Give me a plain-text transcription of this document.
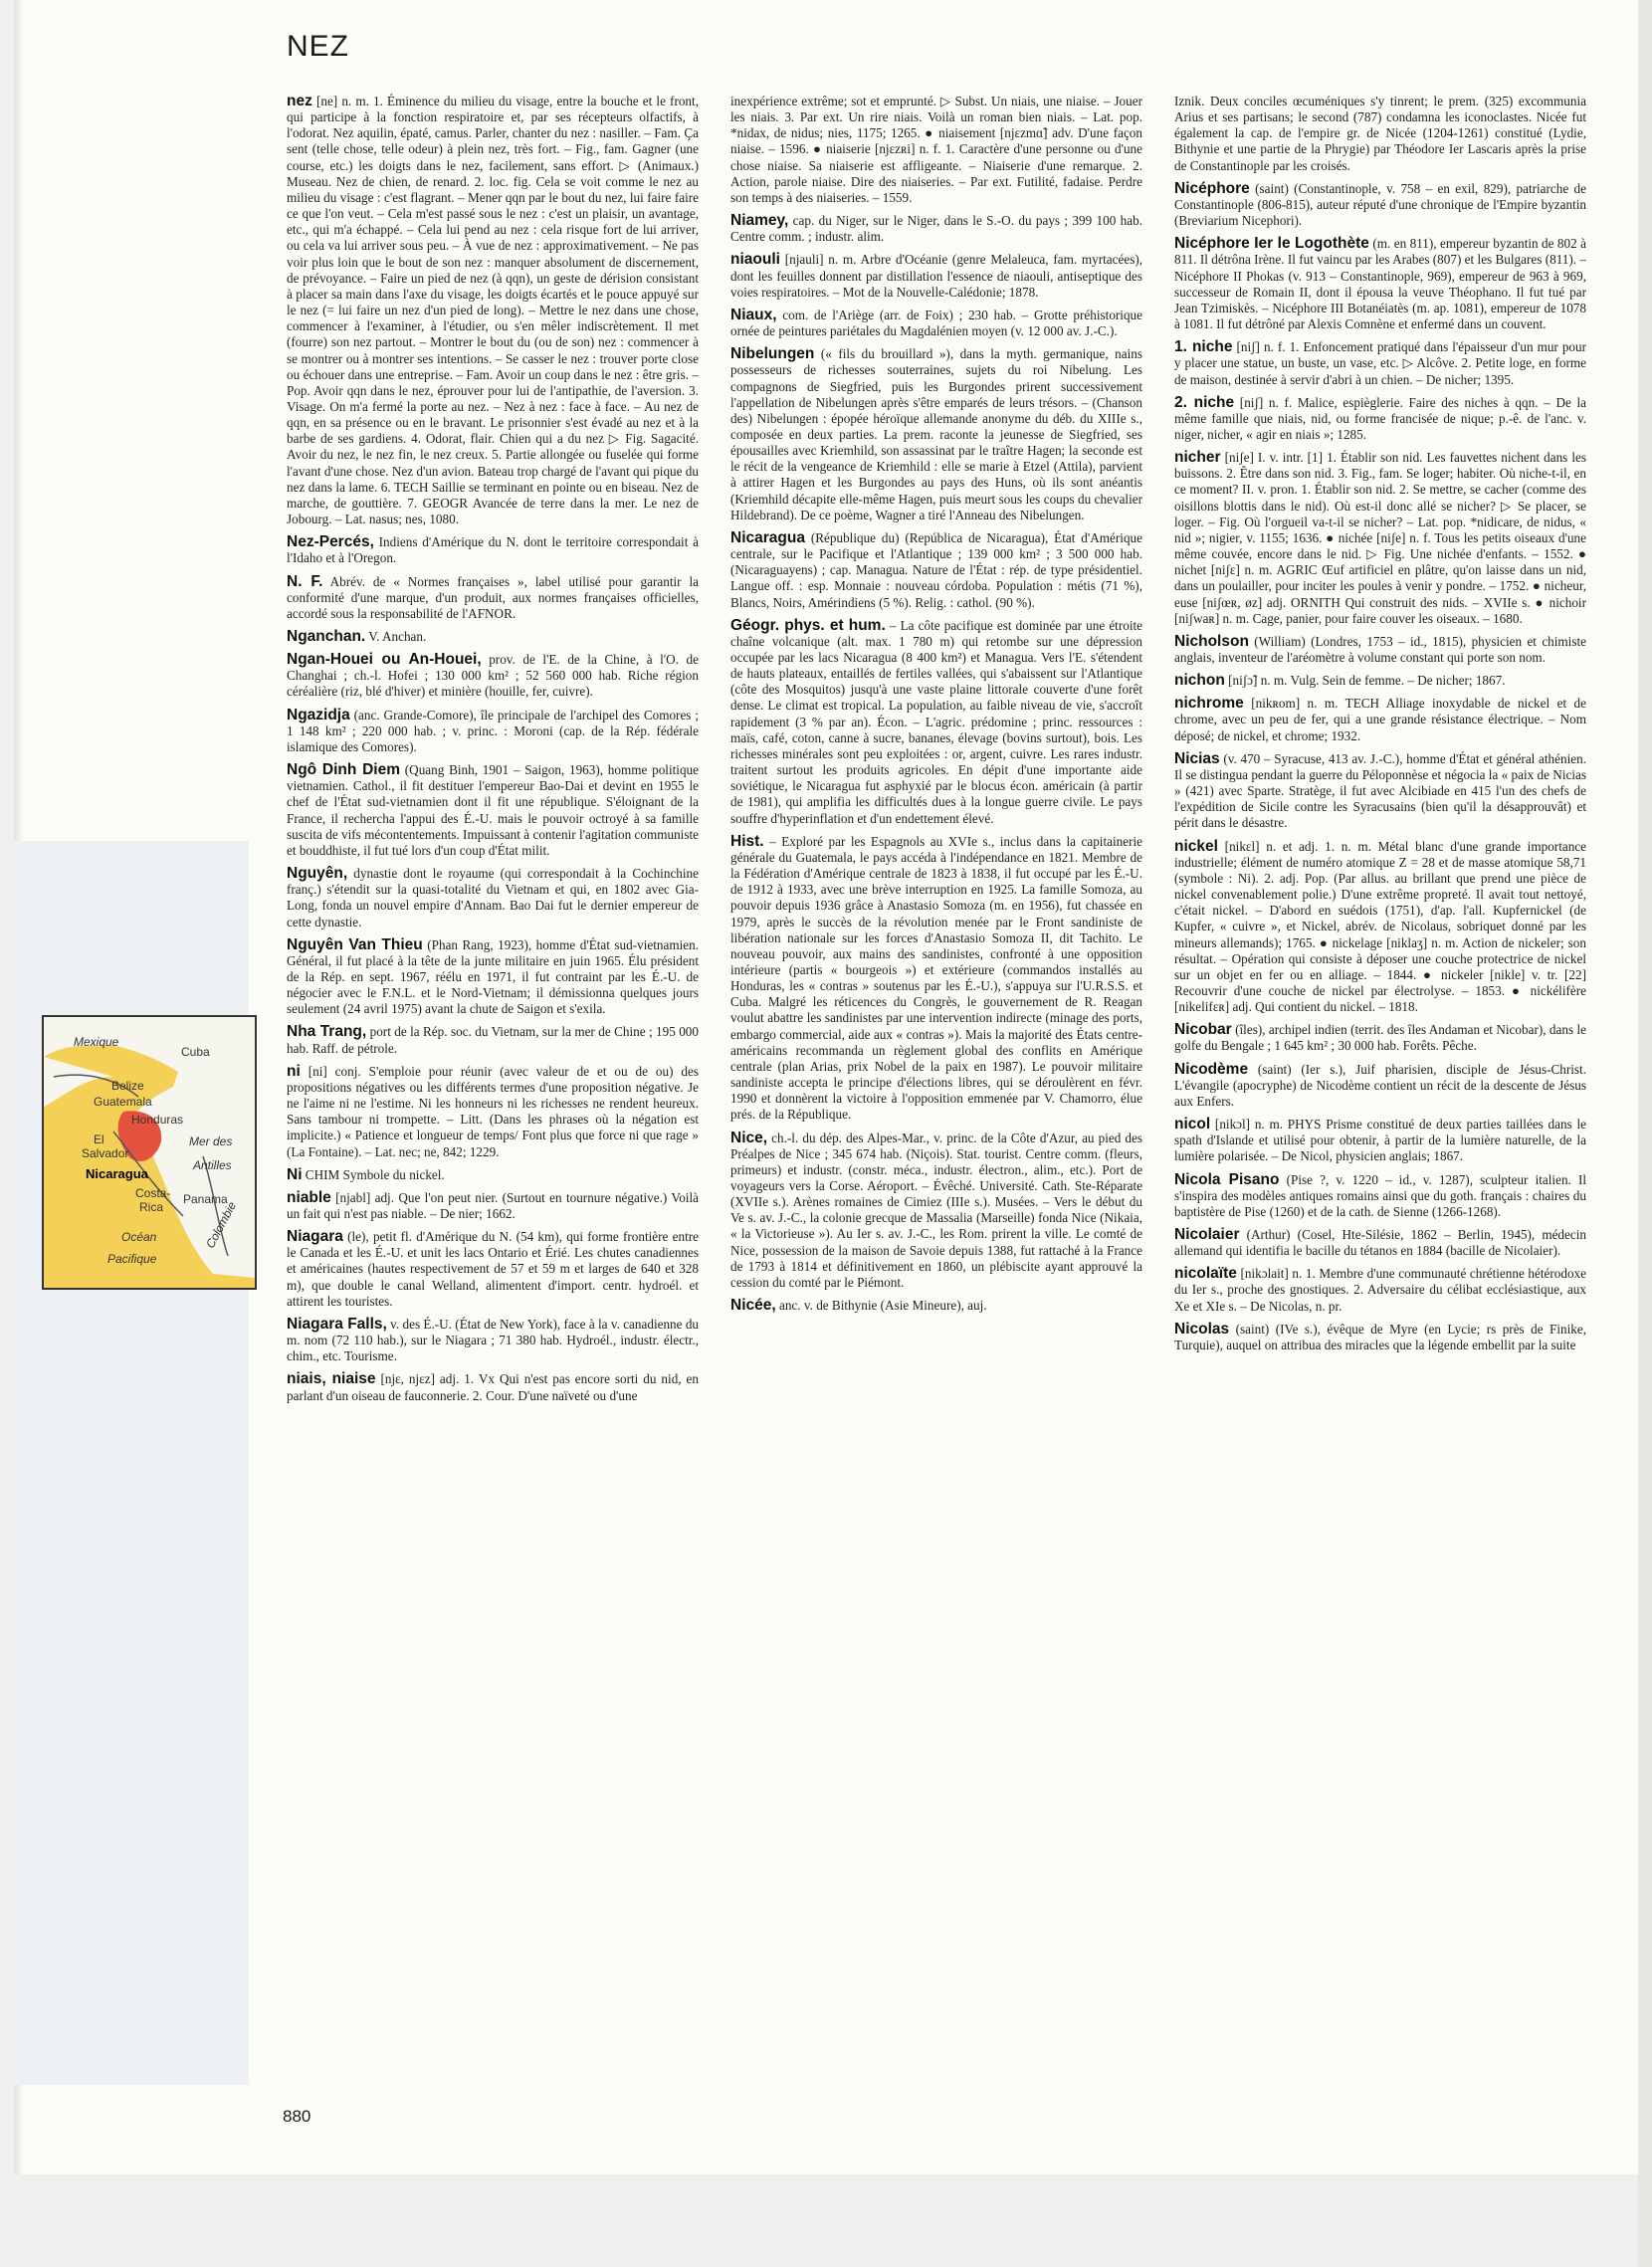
NEZ

nez [ne] n. m. 1. Éminence du milieu du visage, entre la bouche et le front, qui participe à la fonction respiratoire et, par ses récepteurs olfactifs, à l'odorat. Nez aquilin, épaté, camus. Parler, chanter du nez : nasiller. – Fam. Ça sent (telle chose, telle odeur) à plein nez, très fort. – Fig., fam. Gagner (une course, etc.) les doigts dans le nez, facilement, sans effort. ▷ (Animaux.) Museau. Nez de chien, de renard. 2. loc. fig. Cela se voit comme le nez au milieu du visage : c'est flagrant. – Mener qqn par le bout du nez, lui faire faire ce que l'on veut. – Cela m'est passé sous le nez : c'est un plaisir, un avantage, etc., qui m'a échappé. – Cela lui pend au nez : cela risque fort de lui arriver, ou cela va lui arriver sous peu. – À vue de nez : approximativement. – Ne pas voir plus loin que le bout de son nez : manquer absolument de discernement, de prévoyance. – Faire un pied de nez (à qqn), un geste de dérision consistant à placer sa main dans l'axe du visage, les doigts écartés et le pouce appuyé sur le nez (= lui faire un nez d'un pied de long). – Mettre le nez dans une chose, commencer à l'examiner, à l'étudier, ou s'en mêler indiscrètement. Il met (fourre) son nez partout. – Montrer le bout du (ou de son) nez : commencer à se montrer ou à montrer ses intentions. – Se casser le nez : trouver porte close ou échouer dans une entreprise. – Fam. Avoir un coup dans le nez : être gris. – Pop. Avoir qqn dans le nez, éprouver pour lui de l'antipathie, de l'aversion. 3. Visage. On m'a fermé la porte au nez. – Nez à nez : face à face. – Au nez de qqn, en sa présence ou en le bravant. Le prisonnier s'est évadé au nez et à la barbe de ses gardiens. 4. Odorat, flair. Chien qui a du nez ▷ Fig. Sagacité. Avoir du nez, le nez fin, le nez creux. 5. Partie allongée ou fuselée qui forme l'avant d'une chose. Nez d'un avion. Bateau trop chargé de l'avant qui pique du nez dans la lame. 6. TECH Saillie se terminant en pointe ou en biseau. Nez de marche, de gouttière. 7. GEOGR Avancée de terre dans la mer. Le nez de Jobourg. – Lat. nasus; nes, 1080.

Nez-Percés, Indiens d'Amérique du N. dont le territoire correspondait à l'Idaho et à l'Oregon.

N. F. Abrév. de « Normes françaises », label utilisé pour garantir la conformité d'une marque, d'un produit, aux normes françaises officielles, accordé sous la responsabilité de l'AFNOR.

Nganchan. V. Anchan.

Ngan-Houei ou An-Houei, prov. de l'E. de la Chine, à l'O. de Changhai ; ch.-l. Hofei ; 130 000 km² ; 52 560 000 hab. Riche région céréalière (riz, blé d'hiver) et minière (houille, fer, cuivre).

Ngazidja (anc. Grande-Comore), île principale de l'archipel des Comores ; 1 148 km² ; 220 000 hab. ; v. princ. : Moroni (cap. de la Rép. fédérale islamique des Comores).

Ngô Dinh Diem (Quang Binh, 1901 – Saigon, 1963), homme politique vietnamien. Cathol., il fit destituer l'empereur Bao-Dai et devint en 1955 le chef de l'État sud-vietnamien dont il fit une république. S'éloignant de la France, il rechercha l'appui des É.-U. mais le pouvoir octroyé à sa famille suscita de vifs mécontentements. Impuissant à contenir l'agitation communiste et bouddhiste, il fut tué lors d'un coup d'État milit.

Nguyên, dynastie dont le royaume (qui correspondait à la Cochinchine franç.) s'étendit sur la quasi-totalité du Vietnam et qui, en 1802 avec Gia-Long, fonda un nouvel empire d'Annam. Bao Dai fut le dernier empereur de cette dynastie.

Nguyên Van Thieu (Phan Rang, 1923), homme d'État sud-vietnamien. Général, il fut placé à la tête de la junte militaire en juin 1965. Élu président de la Rép. en sept. 1967, réélu en 1971, il fut contraint par les É.-U. de négocier avec le F.N.L. et le Nord-Vietnam; il démissionna quelques jours seulement (24 avril 1975) avant la chute de Saigon et s'exila.

Nha Trang, port de la Rép. soc. du Vietnam, sur la mer de Chine ; 195 000 hab. Raff. de pétrole.

ni [ni] conj. S'emploie pour réunir (avec valeur de et ou de ou) des propositions négatives ou les différents termes d'une proposition négative. Je ne l'aime ni ne l'estime. Ni les honneurs ni les richesses ne rendent heureux. Sans tambour ni trompette. – Litt. (Dans les phrases où la négation est implicite.) « Patience et longueur de temps/ Font plus que force ni que rage » (La Fontaine). – Lat. nec; ne, 842; 1229.

Ni CHIM Symbole du nickel.

niable [njabl] adj. Que l'on peut nier. (Surtout en tournure négative.) Voilà un fait qui n'est pas niable. – De nier; 1662.

Niagara (le), petit fl. d'Amérique du N. (54 km), qui forme frontière entre le Canada et les É.-U. et unit les lacs Ontario et Érié. Les chutes canadiennes et américaines (hautes respectivement de 57 et 59 m et larges de 640 et 328 m), que double le canal Welland, alimentent d'import. centr. hydroél. et attirent les touristes.

Niagara Falls, v. des É.-U. (État de New York), face à la v. canadienne du m. nom (72 110 hab.), sur le Niagara ; 71 380 hab. Hydroél., industr. électr., chim., etc. Tourisme.

niais, niaise [njɛ, njɛz] adj. 1. Vx Qui n'est pas encore sorti du nid, en parlant d'un oiseau de fauconnerie. 2. Cour. D'une naïveté ou d'une

inexpérience extrême; sot et emprunté. ▷ Subst. Un niais, une niaise. – Jouer les niais. 3. Par ext. Un rire niais. Voilà un roman bien niais. – Lat. pop. *nidax, de nidus; nies, 1175; 1265. ● niaisement [njɛzmɑ̃] adv. D'une façon niaise. – 1596. ● niaiserie [njɛzʀi] n. f. 1. Caractère d'une personne ou d'une chose niaise. Sa niaiserie est affligeante. – Niaiserie d'une remarque. 2. Action, parole niaise. Dire des niaiseries. – Par ext. Futilité, fadaise. Perdre son temps à des niaiseries. – 1559.

Niamey, cap. du Niger, sur le Niger, dans le S.-O. du pays ; 399 100 hab. Centre comm. ; industr. alim.

niaouli [njauli] n. m. Arbre d'Océanie (genre Melaleuca, fam. myrtacées), dont les feuilles donnent par distillation l'essence de niaouli, antiseptique des voies respiratoires. – Mot de la Nouvelle-Calédonie; 1878.

Niaux, com. de l'Ariège (arr. de Foix) ; 230 hab. – Grotte préhistorique ornée de peintures pariétales du Magdalénien moyen (v. 12 000 av. J.-C.).

Nibelungen (« fils du brouillard »), dans la myth. germanique, nains possesseurs de richesses souterraines, sujets du roi Nibelung. Les compagnons de Siegfried, puis les Burgondes prirent successivement l'appellation de Nibelungen après s'être emparés de leurs trésors. – (Chanson des) Nibelungen : épopée héroïque allemande anonyme du déb. du XIIIe s., composée en deux parties. La prem. raconte la jeunesse de Siegfried, ses épousailles avec Kriemhild, son assassinat par le traître Hagen; la seconde est le récit de la vengeance de Kriemhild : elle se marie à Etzel (Attila), parvient à attirer Hagen et les Burgondes au pays des Huns, où ils sont anéantis (Kriemhild décapite elle-même Hagen, puis meurt sous les coups du chevalier Hildebrand). De ce poème, Wagner a tiré l'Anneau des Nibelungen.

Nicaragua (République du) (República de Nicaragua), État d'Amérique centrale, sur le Pacifique et l'Atlantique ; 139 000 km² ; 3 500 000 hab. (Nicaraguayens) ; cap. Managua. Nature de l'État : rép. de type présidentiel. Langue off. : esp. Monnaie : nouveau córdoba. Population : métis (71 %), Blancs, Noirs, Amérindiens (5 %). Relig. : cathol. (90 %).

Géogr. phys. et hum. – La côte pacifique est dominée par une étroite chaîne volcanique (alt. max. 1 780 m) qui retombe sur une dépression occupée par les lacs Nicaragua (8 400 km²) et Managua. Vers l'E. s'étendent de hauts plateaux, entaillés de fertiles vallées, qui s'abaissent sur l'Atlantique (côte des Mosquitos) jusqu'à une vaste plaine littorale couverte d'une forêt dense. Le climat est tropical. La population, au faible niveau de vie, s'accroît rapidement (3 % par an). Écon. – L'agric. prédomine ; princ. ressources : maïs, café, coton, canne à sucre, bananes, élevage (bovins surtout), bois. Les richesses minérales sont peu exploitées : or, argent, cuivre. Les rares industr. traitent surtout les produits agricoles. En dépit d'une importante aide soviétique, le Nicaragua fut asphyxié par le blocus écon. américain (à partir de 1981), qui amplifia les difficultés dues à la longue guerre civile. Le pays souffre d'hyperinflation et d'un endettement élevé.

Hist. – Exploré par les Espagnols au XVIe s., inclus dans la capitainerie générale du Guatemala, le pays accéda à l'indépendance en 1821. Membre de la Fédération d'Amérique centrale de 1823 à 1838, il fut occupé par les É.-U. de 1912 à 1933, avec une brève interruption en 1925. La famille Somoza, au pouvoir depuis 1936 grâce à Anastasio Somoza (m. en 1956), fut chassée en 1979, après le succès de la révolution menée par le Front sandiniste de libération nationale sur les forces d'Anastasio Somoza II, dit Tachito. Le nouveau pouvoir, aux mains des sandinistes, confronté à une opposition intérieure (partis « bourgeois ») et extérieure (commandos installés au Honduras, les « contras » soutenus par les É.-U.), s'appuya sur l'U.R.S.S. et Cuba. Malgré les réticences du Congrès, le gouvernement de R. Reagan voulut abattre les sandinistes par une intervention indirecte (minage des ports, embargo commercial, aide aux « contras »). Mais la majorité des États centre-américains recommanda un règlement global des conflits en Amérique centrale (plan Arias, prix Nobel de la paix en 1987). Le pouvoir militaire sandiniste accepta le principe d'élections libres, qui se déroulèrent en févr. 1990 et donnèrent la victoire à l'opposition emmenée par V. Chamorro, élue prés. de la République.

Nice, ch.-l. du dép. des Alpes-Mar., v. princ. de la Côte d'Azur, au pied des Préalpes de Nice ; 345 674 hab. (Niçois). Stat. tourist. Centre comm. (fleurs, primeurs) et industr. (constr. méca., industr. électron., alim., etc.). Port de voyageurs vers la Corse. Aéroport. – Évêché. Université. Cath. Ste-Réparate (XVIIe s.). Arènes romaines de Cimiez (IIIe s.). Musées. – Vers le début du Ve s. av. J.-C., la colonie grecque de Massalia (Marseille) fonda Nice (Nikaia, « la Victorieuse »). Au Ier s. av. J.-C., les Rom. prirent la ville. Le comté de Nice, possession de la maison de Savoie depuis 1388, fut rattaché à la France de 1793 à 1814 et définitivement en 1860, un plébiscite ayant approuvé la cession du comté par le Piémont.

Nicée, anc. v. de Bithynie (Asie Mineure), auj.

Iznik. Deux conciles œcuméniques s'y tinrent; le prem. (325) excommunia Arius et ses partisans; le second (787) condamna les iconoclastes. Nicée fut également la cap. de l'empire gr. de Nicée (1204-1261) constitué (Lydie, Bithynie et une partie de la Phrygie) par Théodore Ier Lascaris après la prise de Constantinople par les croisés.

Nicéphore (saint) (Constantinople, v. 758 – en exil, 829), patriarche de Constantinople (806-815), auteur réputé d'une chronique de l'Empire byzantin (Breviarium Nicephori).

Nicéphore Ier le Logothète (m. en 811), empereur byzantin de 802 à 811. Il détrôna Irène. Il fut vaincu par les Arabes (807) et les Bulgares (811). – Nicéphore II Phokas (v. 913 – Constantinople, 969), empereur de 963 à 969, successeur de Romain II, dont il épousa la veuve Théophano. Il fut tué par Jean Tzimiskès. – Nicéphore III Botanéiatès (m. ap. 1081), empereur de 1078 à 1081. Il fut détrôné par Alexis Comnène et enfermé dans un couvent.

1. niche [niʃ] n. f. 1. Enfoncement pratiqué dans l'épaisseur d'un mur pour y placer une statue, un buste, un vase, etc. ▷ Alcôve. 2. Petite loge, en forme de maison, destinée à servir d'abri à un chien. – De nicher; 1395.

2. niche [niʃ] n. f. Malice, espièglerie. Faire des niches à qqn. – De la même famille que niais, nid, ou forme francisée de nique; p.-ê. de l'anc. v. niger, nicher, « agir en niais »; 1285.

nicher [niʃe] I. v. intr. [1] 1. Établir son nid. Les fauvettes nichent dans les buissons. 2. Être dans son nid. 3. Fig., fam. Se loger; habiter. Où niche-t-il, en ce moment? II. v. pron. 1. Établir son nid. 2. Se mettre, se cacher (comme des oisillons blottis dans le nid). Où est-il donc allé se nicher? ▷ Se placer, se loger. – Fig. Où l'orgueil va-t-il se nicher? – Lat. pop. *nidicare, de nidus, « nid »; nigier, v. 1155; 1636. ● nichée [niʃe] n. f. Tous les petits oiseaux d'une même couvée, encore dans le nid. ▷ Fig. Une nichée d'enfants. – 1552. ● nichet [niʃɛ] n. m. AGRIC Œuf artificiel en plâtre, qu'on laisse dans un nid, dans un poulailler, pour inciter les poules à venir y pondre. – 1752. ● nicheur, euse [niʃœʀ, øz] adj. ORNITH Qui construit des nids. – XVIIe s. ● nichoir [niʃwaʀ] n. m. Cage, panier, pour faire couver les oiseaux. – 1680.

Nicholson (William) (Londres, 1753 – id., 1815), physicien et chimiste anglais, inventeur de l'aréomètre à volume constant qui porte son nom.

nichon [niʃɔ̃] n. m. Vulg. Sein de femme. – De nicher; 1867.

nichrome [nikʀom] n. m. TECH Alliage inoxydable de nickel et de chrome, avec un peu de fer, qui a une grande résistance électrique. – Nom déposé; de nickel, et chrome; 1932.

Nicias (v. 470 – Syracuse, 413 av. J.-C.), homme d'État et général athénien. Il se distingua pendant la guerre du Péloponnèse et négocia la « paix de Nicias » (421) avec Sparte. Stratège, il fut avec Alcibiade en 415 l'un des chefs de l'expédition de Sicile contre les Syracusains (bien qu'il la désapprouvât) et périt dans le désastre.

nickel [nikɛl] n. et adj. 1. n. m. Métal blanc d'une grande importance industrielle; élément de numéro atomique Z = 28 et de masse atomique 58,71 (symbole : Ni). 2. adj. Pop. (Par allus. au brillant que prend une pièce de nickel convenablement polie.) D'une extrême propreté. Il avait tout nettoyé, c'était nickel. – D'abord en suédois (1751), d'ap. l'all. Kupfernickel (de Kupfer, « cuivre », et Nickel, abrév. de Nicolaus, sobriquet donné par les mineurs allemands); 1765. ● nickelage [niklaʒ] n. m. Action de nickeler; son résultat. – Opération qui consiste à déposer une couche protectrice de nickel sur un objet en fer ou en alliage. – 1844. ● nickeler [nikle] v. tr. [22] Recouvrir d'une couche de nickel par électrolyse. – 1853. ● nickélifère [nikelifɛʀ] adj. Qui contient du nickel. – 1818.

Nicobar (îles), archipel indien (territ. des îles Andaman et Nicobar), dans le golfe du Bengale ; 1 645 km² ; 30 000 hab. Forêts. Pêche.

Nicodème (saint) (Ier s.), Juif pharisien, disciple de Jésus-Christ. L'évangile (apocryphe) de Nicodème contient un récit de la descente de Jésus aux Enfers.

nicol [nikɔl] n. m. PHYS Prisme constitué de deux parties taillées dans le spath d'Islande et utilisé pour obtenir, à partir de la lumière naturelle, de la lumière polarisée. – De Nicol, physicien anglais; 1867.

Nicola Pisano (Pise ?, v. 1220 – id., v. 1287), sculpteur italien. Il s'inspira des modèles antiques romains ainsi que du goth. français : chaires du baptistère de Pise (1260) et de la cath. de Sienne (1266-1268).

Nicolaier (Arthur) (Cosel, Hte-Silésie, 1862 – Berlin, 1945), médecin allemand qui identifia le bacille du tétanos en 1884 (bacille de Nicolaier).

nicolaïte [nikɔlait] n. 1. Membre d'une communauté chrétienne hétérodoxe du Ier s., proche des gnostiques. 2. Adversaire du célibat ecclésiastique, aux Xe et XIe s. – De Nicolas, n. pr.

Nicolas (saint) (IVe s.), évêque de Myre (en Lycie; rs près de Finike, Turquie), auquel on attribua des miracles que la légende embellit par la suite

Mexique
Cuba
Belize
Guatemala
Honduras
Mer des
El
Salvador
Antilles
Nicaragua
Costa- Panama
Rica
Océan
Pacifique
Colombie
880
